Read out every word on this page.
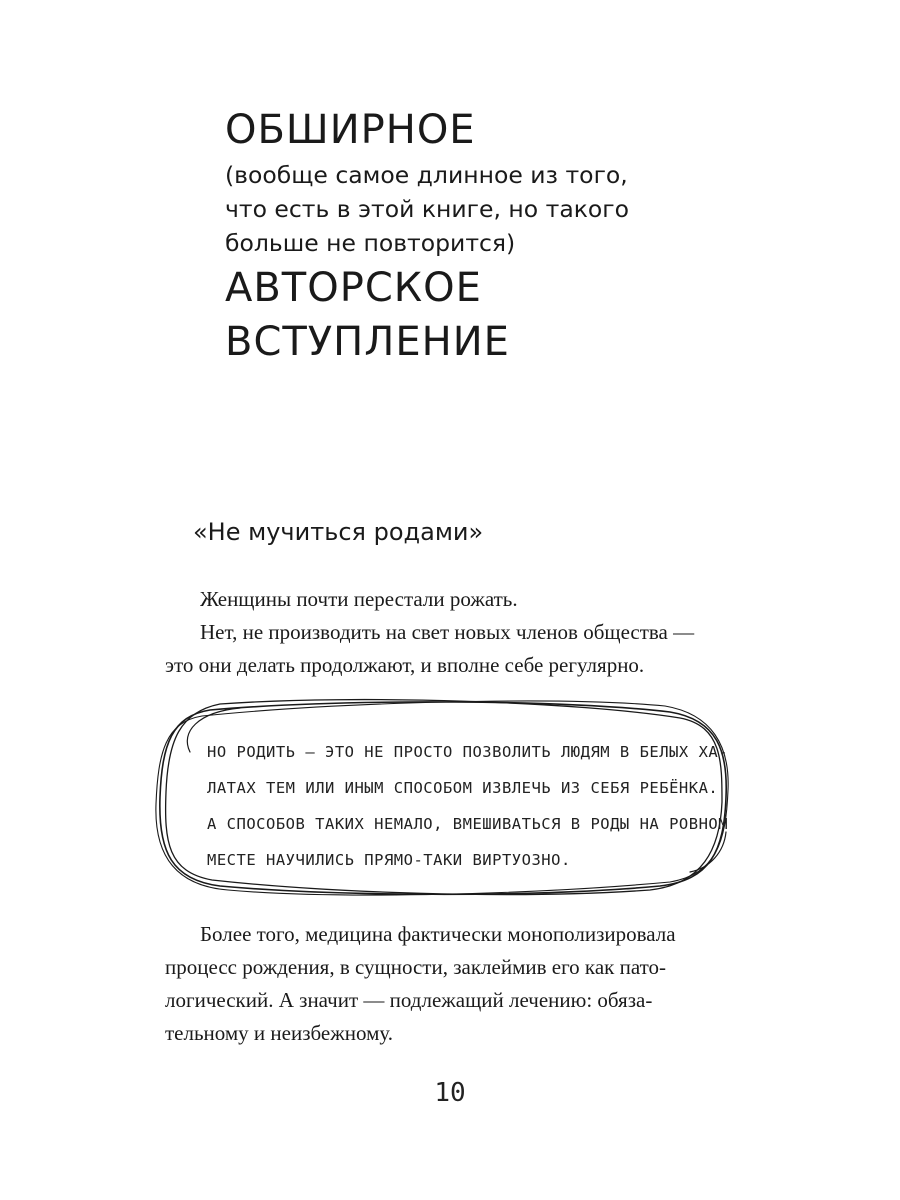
ОБШИРНОЕ
(вообще самое длинное из того,
что есть в этой книге, но такого
больше не повторится)
АВТОРСКОЕ
ВСТУПЛЕНИЕ
«Не мучиться родами»
Женщины почти перестали рожать.
Нет, не производить на свет новых членов общества —
это они делать продолжают, и вполне себе регулярно.
НО РОДИТЬ – ЭТО НЕ ПРОСТО ПОЗВОЛИТЬ ЛЮДЯМ В БЕЛЫХ ХА-
ЛАТАХ ТЕМ ИЛИ ИНЫМ СПОСОБОМ ИЗВЛЕЧЬ ИЗ СЕБЯ РЕБЁНКА.
А СПОСОБОВ ТАКИХ НЕМАЛО, ВМЕШИВАТЬСЯ В РОДЫ НА РОВНОМ
МЕСТЕ НАУЧИЛИСЬ ПРЯМО-ТАКИ ВИРТУОЗНО.
Более того, медицина фактически монополизировала
процесс рождения, в сущности, заклеймив его как пато-
логический. А значит — подлежащий лечению: обяза-
тельному и неизбежному.
10
